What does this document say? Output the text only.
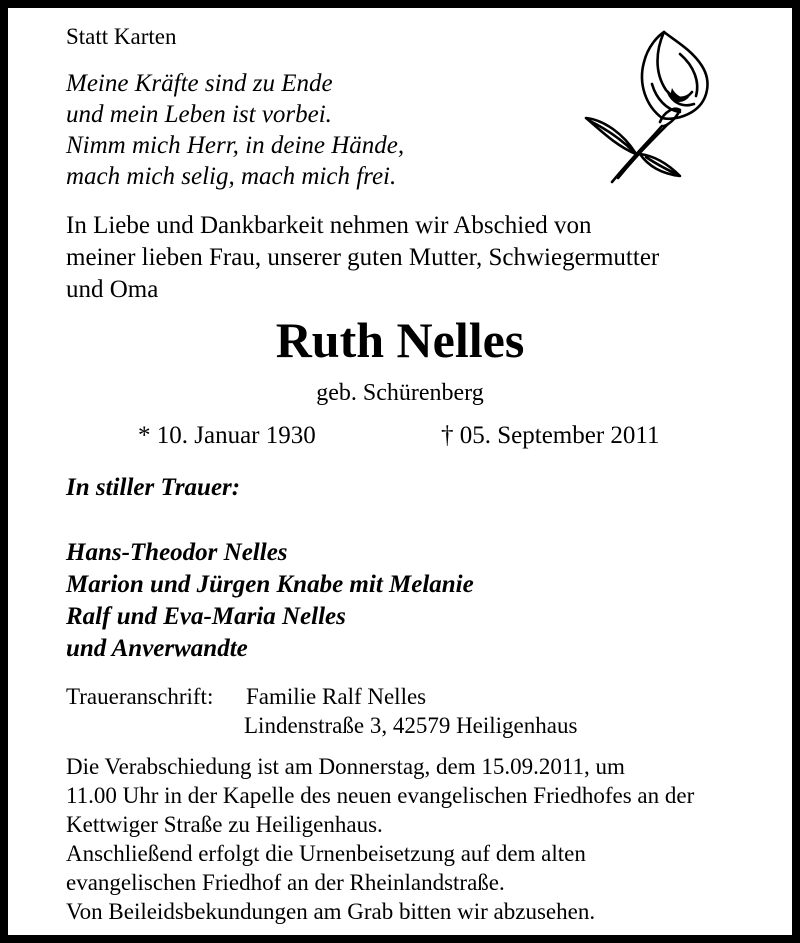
Statt Karten
Meine Kräfte sind zu Ende
und mein Leben ist vorbei.
Nimm mich Herr, in deine Hände,
mach mich selig, mach mich frei.
In Liebe und Dankbarkeit nehmen wir Abschied von
meiner lieben Frau, unserer guten Mutter, Schwiegermutter
und Oma
Ruth Nelles
geb. Schürenberg
* 10. Januar 1930	† 05. September 2011
In stiller Trauer:
Hans-Theodor Nelles
Marion und Jürgen Knabe mit Melanie
Ralf und Eva-Maria Nelles
und Anverwandte
Traueranschrift: Familie Ralf Nelles
Lindenstraße 3, 42579 Heiligenhaus
Die Verabschiedung ist am Donnerstag, dem 15.09.2011, um
11.00 Uhr in der Kapelle des neuen evangelischen Friedhofes an der
Kettwiger Straße zu Heiligenhaus.
Anschließend erfolgt die Urnenbeisetzung auf dem alten
evangelischen Friedhof an der Rheinlandstraße.
Von Beileidsbekundungen am Grab bitten wir abzusehen.
